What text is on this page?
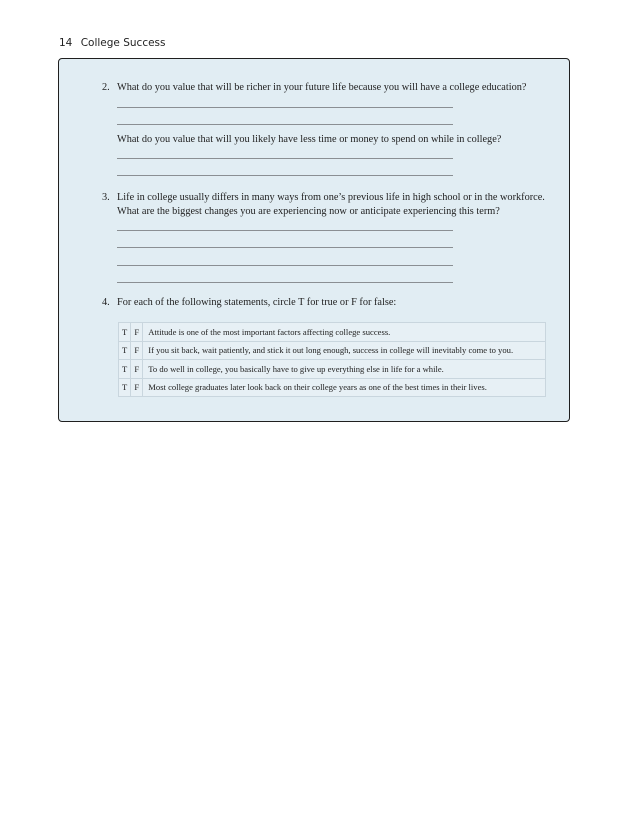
14 College Success
2. What do you value that will be richer in your future life because you will have a college education?
What do you value that will you likely have less time or money to spend on while in college?
3. Life in college usually differs in many ways from one’s previous life in high school or in the workforce.
What are the biggest changes you are experiencing now or anticipate experiencing this term?
4. For each of the following statements, circle T for true or F for false:
T	F	Attitude is one of the most important factors affecting college success.
T	F	If you sit back, wait patiently, and stick it out long enough, success in college will inevitably come to you.
T	F	To do well in college, you basically have to give up everything else in life for a while.
T	F	Most college graduates later look back on their college years as one of the best times in their lives.
